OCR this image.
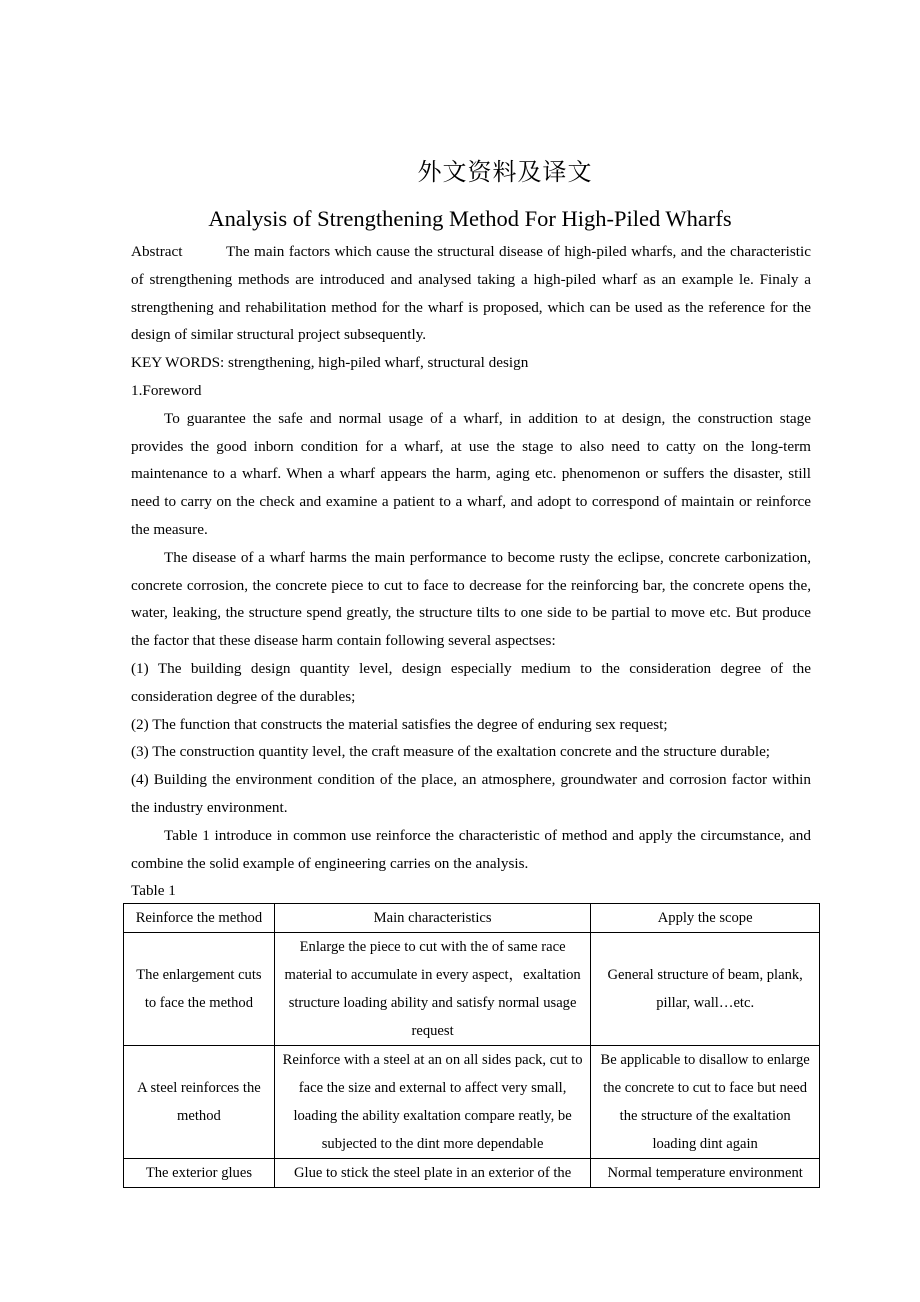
外文资料及译文
Analysis of Strengthening Method For High-Piled Wharfs

Abstract	The main factors which cause the structural disease of high-piled wharfs, and the characteristic of strengthening methods are introduced and analysed taking a high-piled wharf as an example le. Finaly a strengthening and rehabilitation method for the wharf is proposed, which can be used as the reference for the design of similar structural project subsequently.

KEY WORDS: strengthening, high-piled wharf, structural design

1.Foreword

To guarantee the safe and normal usage of a wharf, in addition to at design, the construction stage provides the good inborn condition for a wharf, at use the stage to also need to catty on the long-term maintenance to a wharf. When a wharf appears the harm, aging etc. phenomenon or suffers the disaster, still need to carry on the check and examine a patient to a wharf, and adopt to correspond of maintain or reinforce the measure.

The disease of a wharf harms the main performance to become rusty the eclipse, concrete carbonization, concrete corrosion, the concrete piece to cut to face to decrease for the reinforcing bar, the concrete opens the, water, leaking, the structure spend greatly, the structure tilts to one side to be partial to move etc. But produce the factor that these disease harm contain following several aspectses:

(1) The building design quantity level, design especially medium to the consideration degree of the consideration degree of the durables;

(2) The function that constructs the material satisfies the degree of enduring sex request;

(3) The construction quantity level, the craft measure of the exaltation concrete and the structure durable;

(4) Building the environment condition of the place, an atmosphere, groundwater and corrosion factor within the industry environment.

Table 1 introduce in common use reinforce the characteristic of method and apply the circumstance, and combine the solid example of engineering carries on the analysis.

Table 1

Reinforce the method	Main characteristics	Apply the scope
The enlargement cuts to face the method	Enlarge the piece to cut with the of same race material to accumulate in every aspect，exaltation structure loading ability and satisfy normal usage request	General structure of beam, plank, pillar, wall…etc.
A steel reinforces the method	Reinforce with a steel at an on all sides pack, cut to face the size and external to affect very small, loading the ability exaltation compare reatly, be subjected to the dint more dependable	Be applicable to disallow to enlarge the concrete to cut to face but need the structure of the exaltation loading dint again
The exterior glues	Glue to stick the steel plate in an exterior of the	Normal temperature environment
